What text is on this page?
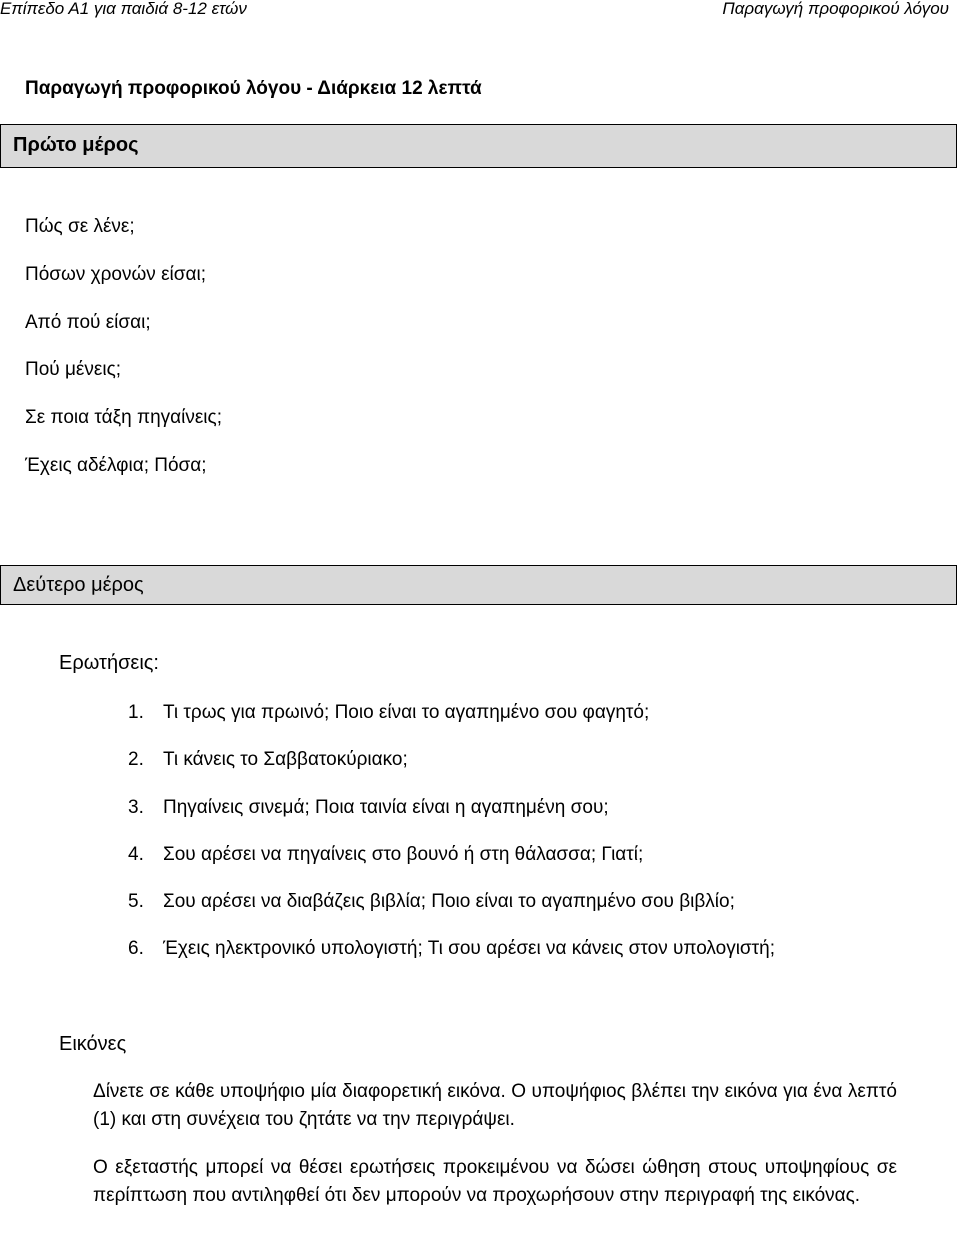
Επίπεδο Α1 για παιδιά 8-12 ετών	Παραγωγή προφορικού λόγου
Παραγωγή προφορικού λόγου - Διάρκεια 12 λεπτά
Πρώτο μέρος
Πώς σε λένε;
Πόσων χρονών είσαι;
Από πού είσαι;
Πού μένεις;
Σε ποια τάξη πηγαίνεις;
Έχεις αδέλφια; Πόσα;
Δεύτερο μέρος
Ερωτήσεις:
1. Τι τρως για πρωινό; Ποιο είναι το αγαπημένο σου φαγητό;
2. Τι κάνεις το Σαββατοκύριακο;
3. Πηγαίνεις σινεμά; Ποια ταινία είναι η αγαπημένη σου;
4. Σου αρέσει να πηγαίνεις στο βουνό ή στη θάλασσα; Γιατί;
5. Σου αρέσει να διαβάζεις βιβλία; Ποιο είναι το αγαπημένο σου βιβλίο;
6. Έχεις ηλεκτρονικό υπολογιστή; Τι σου αρέσει να κάνεις στον υπολογιστή;
Εικόνες
Δίνετε σε κάθε υποψήφιο μία διαφορετική εικόνα. Ο υποψήφιος βλέπει την εικόνα για ένα λεπτό (1) και στη συνέχεια του ζητάτε να την περιγράψει.
Ο εξεταστής μπορεί να θέσει ερωτήσεις προκειμένου να δώσει ώθηση στους υποψηφίους σε περίπτωση που αντιληφθεί ότι δεν μπορούν να προχωρήσουν στην περιγραφή της εικόνας.
